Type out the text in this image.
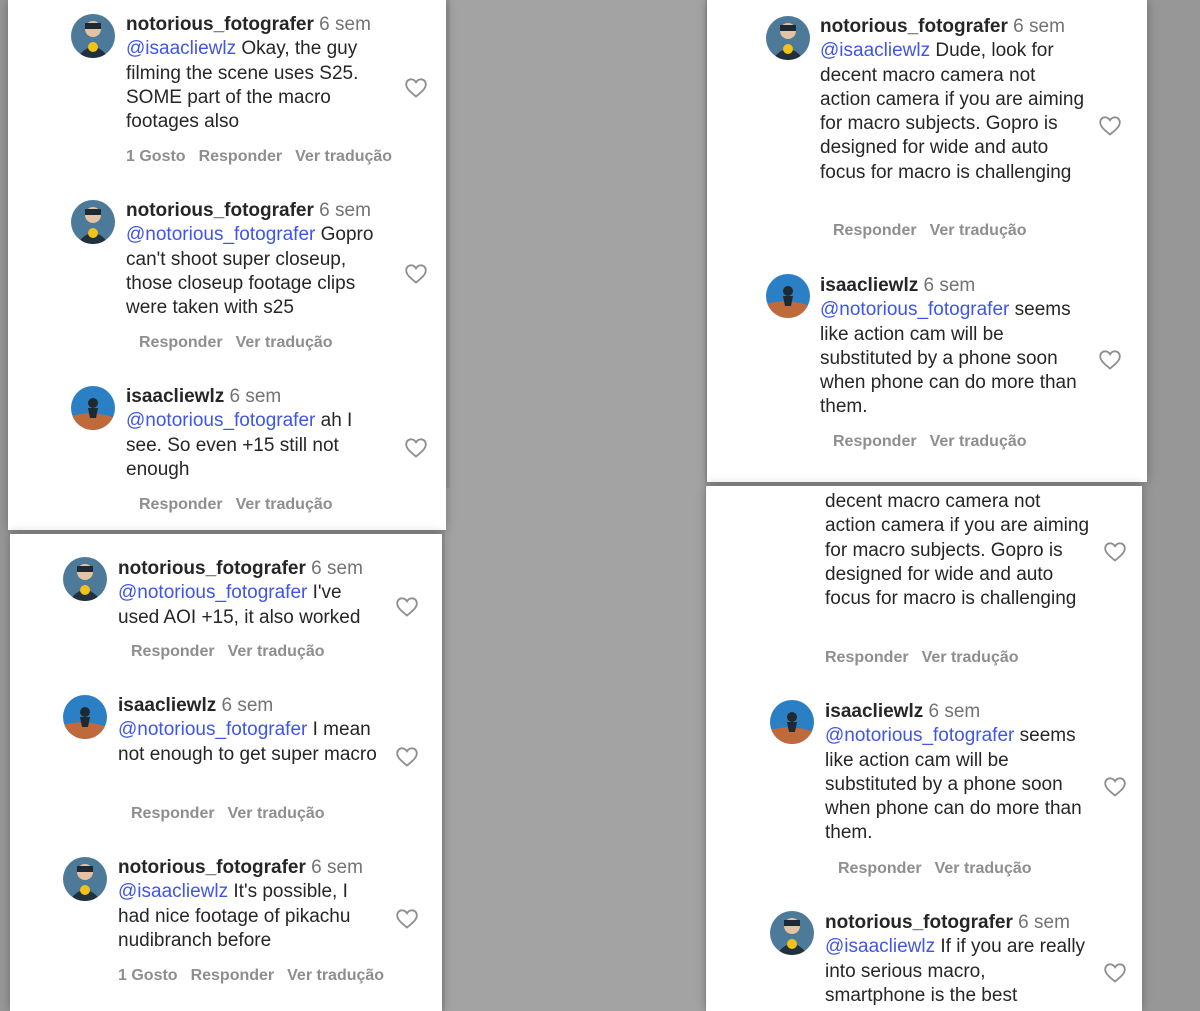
notorious_fotografer 6 sem
@isaacliewlz Okay, the guy filming the scene uses S25. SOME part of the macro footages also
1 Gosto Responder Ver tradução
notorious_fotografer 6 sem
@notorious_fotografer Gopro can't shoot super closeup, those closeup footage clips were taken with s25
Responder Ver tradução
isaacliewlz 6 sem
@notorious_fotografer ah I see. So even +15 still not enough
Responder Ver tradução
notorious_fotografer 6 sem
@isaacliewlz Dude, look for decent macro camera not action camera if you are aiming for macro subjects. Gopro is designed for wide and auto focus for macro is challenging
Responder Ver tradução
isaacliewlz 6 sem
@notorious_fotografer seems like action cam will be substituted by a phone soon when phone can do more than them.
Responder Ver tradução
notorious_fotografer 6 sem
@notorious_fotografer I've used AOI +15, it also worked
Responder Ver tradução
isaacliewlz 6 sem
@notorious_fotografer I mean not enough to get super macro
Responder Ver tradução
notorious_fotografer 6 sem
@isaacliewlz It's possible, I had nice footage of pikachu nudibranch before
1 Gosto Responder Ver tradução
decent macro camera not action camera if you are aiming for macro subjects. Gopro is designed for wide and auto focus for macro is challenging
Responder Ver tradução
isaacliewlz 6 sem
@notorious_fotografer seems like action cam will be substituted by a phone soon when phone can do more than them.
Responder Ver tradução
notorious_fotografer 6 sem
@isaacliewlz If if you are really into serious macro, smartphone is the best
